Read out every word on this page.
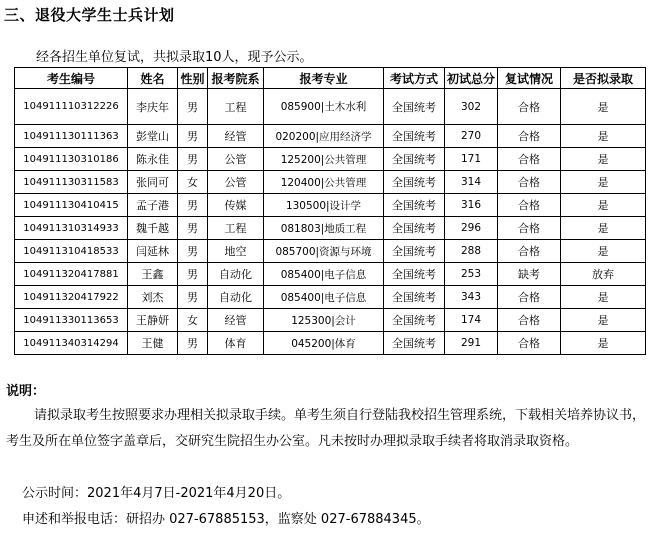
三、退役大学生士兵计划
经各招生单位复试，共拟录取10人，现予公示。
考生编号	姓名	性别	报考院系	报考专业	考试方式	初试总分	复试情况	是否拟录取
104911110312226	李庆年	男	工程	085900|土木水利	全国统考	302	合格	是
104911130111363	彭堂山	男	经管	020200|应用经济学	全国统考	270	合格	是
104911130310186	陈永佳	男	公管	125200|公共管理	全国统考	171	合格	是
104911130311583	张同可	女	公管	120400|公共管理	全国统考	314	合格	是
104911130410415	孟子港	男	传媒	130500|设计学	全国统考	316	合格	是
104911310314933	魏千越	男	工程	081803|地质工程	全国统考	296	合格	是
104911310418533	闫延林	男	地空	085700|资源与环境	全国统考	288	合格	是
104911320417881	王鑫	男	自动化	085400|电子信息	全国统考	253	缺考	放弃
104911320417922	刘杰	男	自动化	085400|电子信息	全国统考	343	合格	是
104911330113653	王静妍	女	经管	125300|会计	全国统考	174	合格	是
104911340314294	王健	男	体育	045200|体育	全国统考	291	合格	是
说明：
请拟录取考生按照要求办理相关拟录取手续。单考生须自行登陆我校招生管理系统，下载相关培养协议书，考生及所在单位签字盖章后，交研究生院招生办公室。凡未按时办理拟录取手续者将取消录取资格。
公示时间：2021年4月7日-2021年4月20日。
申述和举报电话：研招办 027-67885153，监察处 027-67884345。
